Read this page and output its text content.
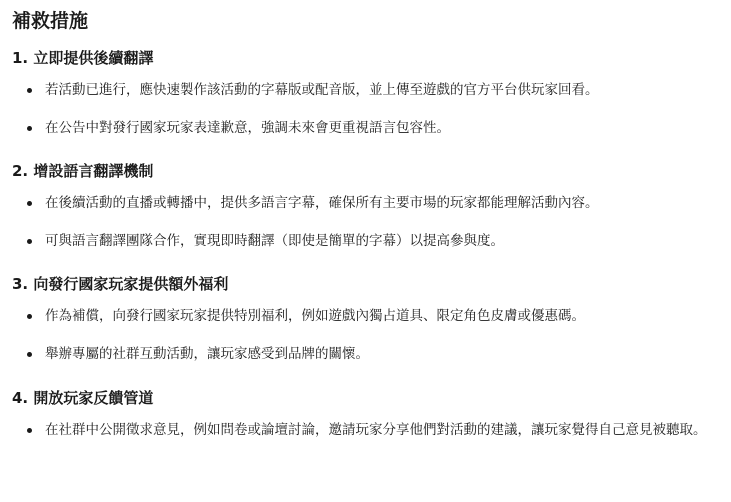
補救措施
1. 立即提供後續翻譯
若活動已進行，應快速製作該活動的字幕版或配音版，並上傳至遊戲的官方平台供玩家回看。
在公告中對發行國家玩家表達歉意，強調未來會更重視語言包容性。
2. 增設語言翻譯機制
在後續活動的直播或轉播中，提供多語言字幕，確保所有主要市場的玩家都能理解活動內容。
可與語言翻譯團隊合作，實現即時翻譯（即使是簡單的字幕）以提高參與度。
3. 向發行國家玩家提供額外福利
作為補償，向發行國家玩家提供特別福利，例如遊戲內獨占道具、限定角色皮膚或優惠碼。
舉辦專屬的社群互動活動，讓玩家感受到品牌的關懷。
4. 開放玩家反饋管道
在社群中公開徵求意見，例如問卷或論壇討論，邀請玩家分享他們對活動的建議，讓玩家覺得自己意見被聽取。
